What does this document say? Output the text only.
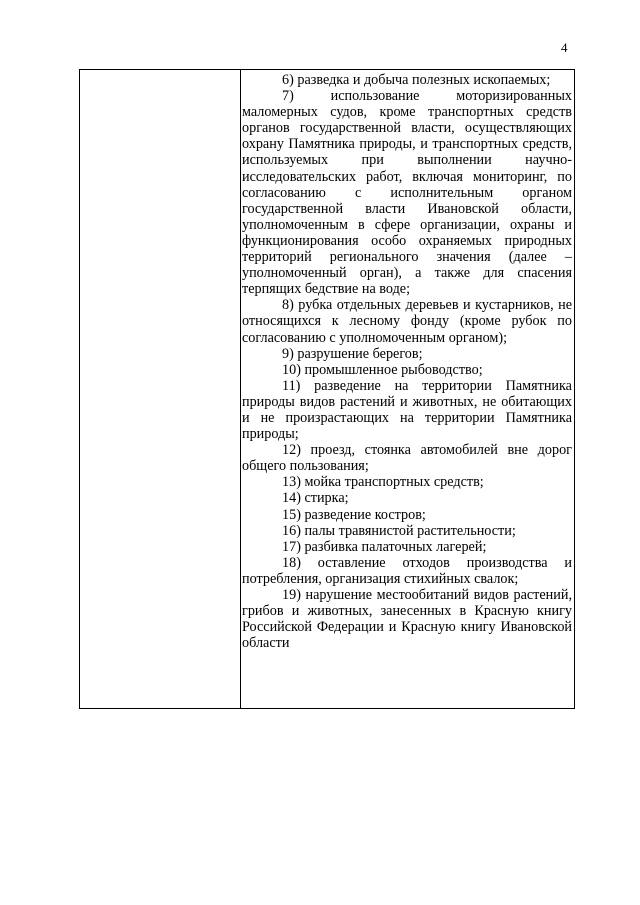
4

6) разведка и добыча полезных ископаемых;

7) использование моторизированных маломерных судов, кроме транспортных средств органов государственной власти, осуществляющих охрану Памятника природы, и транспортных средств, используемых при выполнении научно-исследовательских работ, включая мониторинг, по согласованию с исполнительным органом государственной власти Ивановской области, уполномоченным в сфере организации, охраны и функционирования особо охраняемых природных территорий регионального значения (далее – уполномоченный орган), а также для спасения терпящих бедствие на воде;

8) рубка отдельных деревьев и кустарников, не относящихся к лесному фонду (кроме рубок по согласованию с уполномоченным органом);

9) разрушение берегов;

10) промышленное рыбоводство;

11) разведение на территории Памятника природы видов растений и животных, не обитающих и не произрастающих на территории Памятника природы;

12) проезд, стоянка автомобилей вне дорог общего пользования;

13) мойка транспортных средств;

14) стирка;

15) разведение костров;

16) палы травянистой растительности;

17) разбивка палаточных лагерей;

18) оставление отходов производства и потребления, организация стихийных свалок;

19) нарушение местообитаний видов растений, грибов и животных, занесенных в Красную книгу Российской Федерации и Красную книгу Ивановской области
